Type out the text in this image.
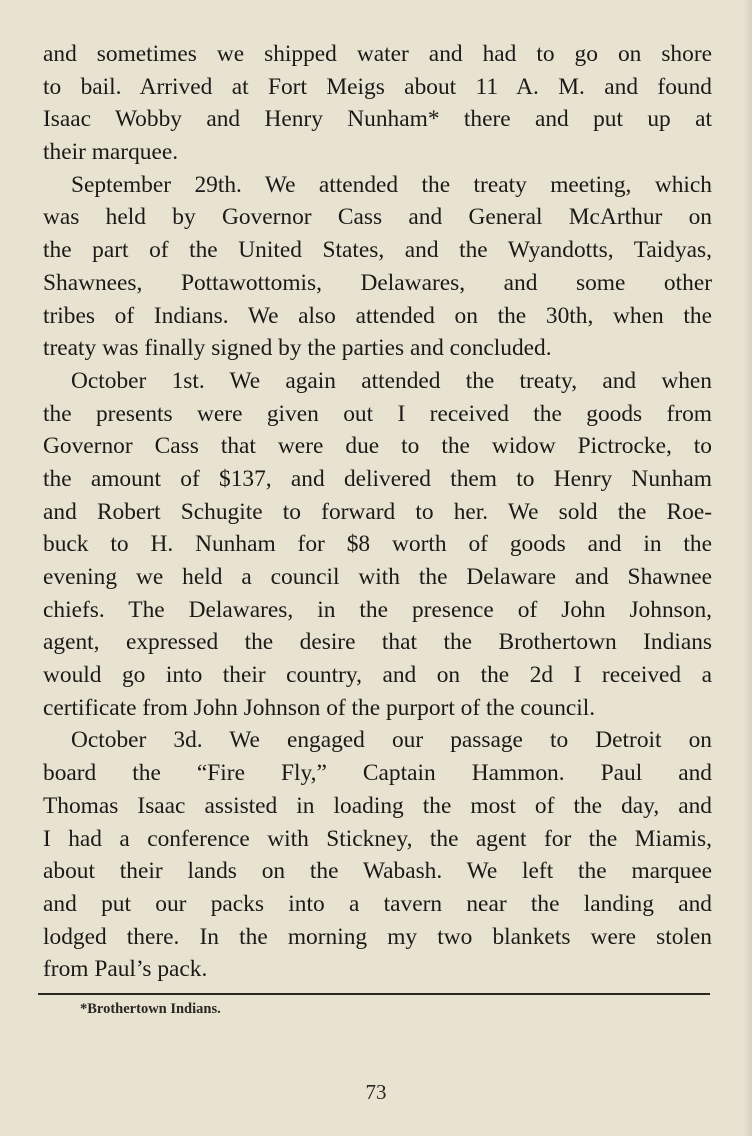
and sometimes we shipped water and had to go on shore
to bail. Arrived at Fort Meigs about 11 A. M. and found
Isaac Wobby and Henry Nunham* there and put up at
their marquee.
September 29th. We attended the treaty meeting, which
was held by Governor Cass and General McArthur on
the part of the United States, and the Wyandotts, Taidyas,
Shawnees, Pottawottomis, Delawares, and some other
tribes of Indians. We also attended on the 30th, when the
treaty was finally signed by the parties and concluded.
October 1st. We again attended the treaty, and when
the presents were given out I received the goods from
Governor Cass that were due to the widow Pictrocke, to
the amount of $137, and delivered them to Henry Nunham
and Robert Schugite to forward to her. We sold the Roe-
buck to H. Nunham for $8 worth of goods and in the
evening we held a council with the Delaware and Shawnee
chiefs. The Delawares, in the presence of John Johnson,
agent, expressed the desire that the Brothertown Indians
would go into their country, and on the 2d I received a
certificate from John Johnson of the purport of the council.
October 3d. We engaged our passage to Detroit on
board the “Fire Fly,” Captain Hammon. Paul and
Thomas Isaac assisted in loading the most of the day, and
I had a conference with Stickney, the agent for the Miamis,
about their lands on the Wabash. We left the marquee
and put our packs into a tavern near the landing and
lodged there. In the morning my two blankets were stolen
from Paul’s pack.
*Brothertown Indians.
73
